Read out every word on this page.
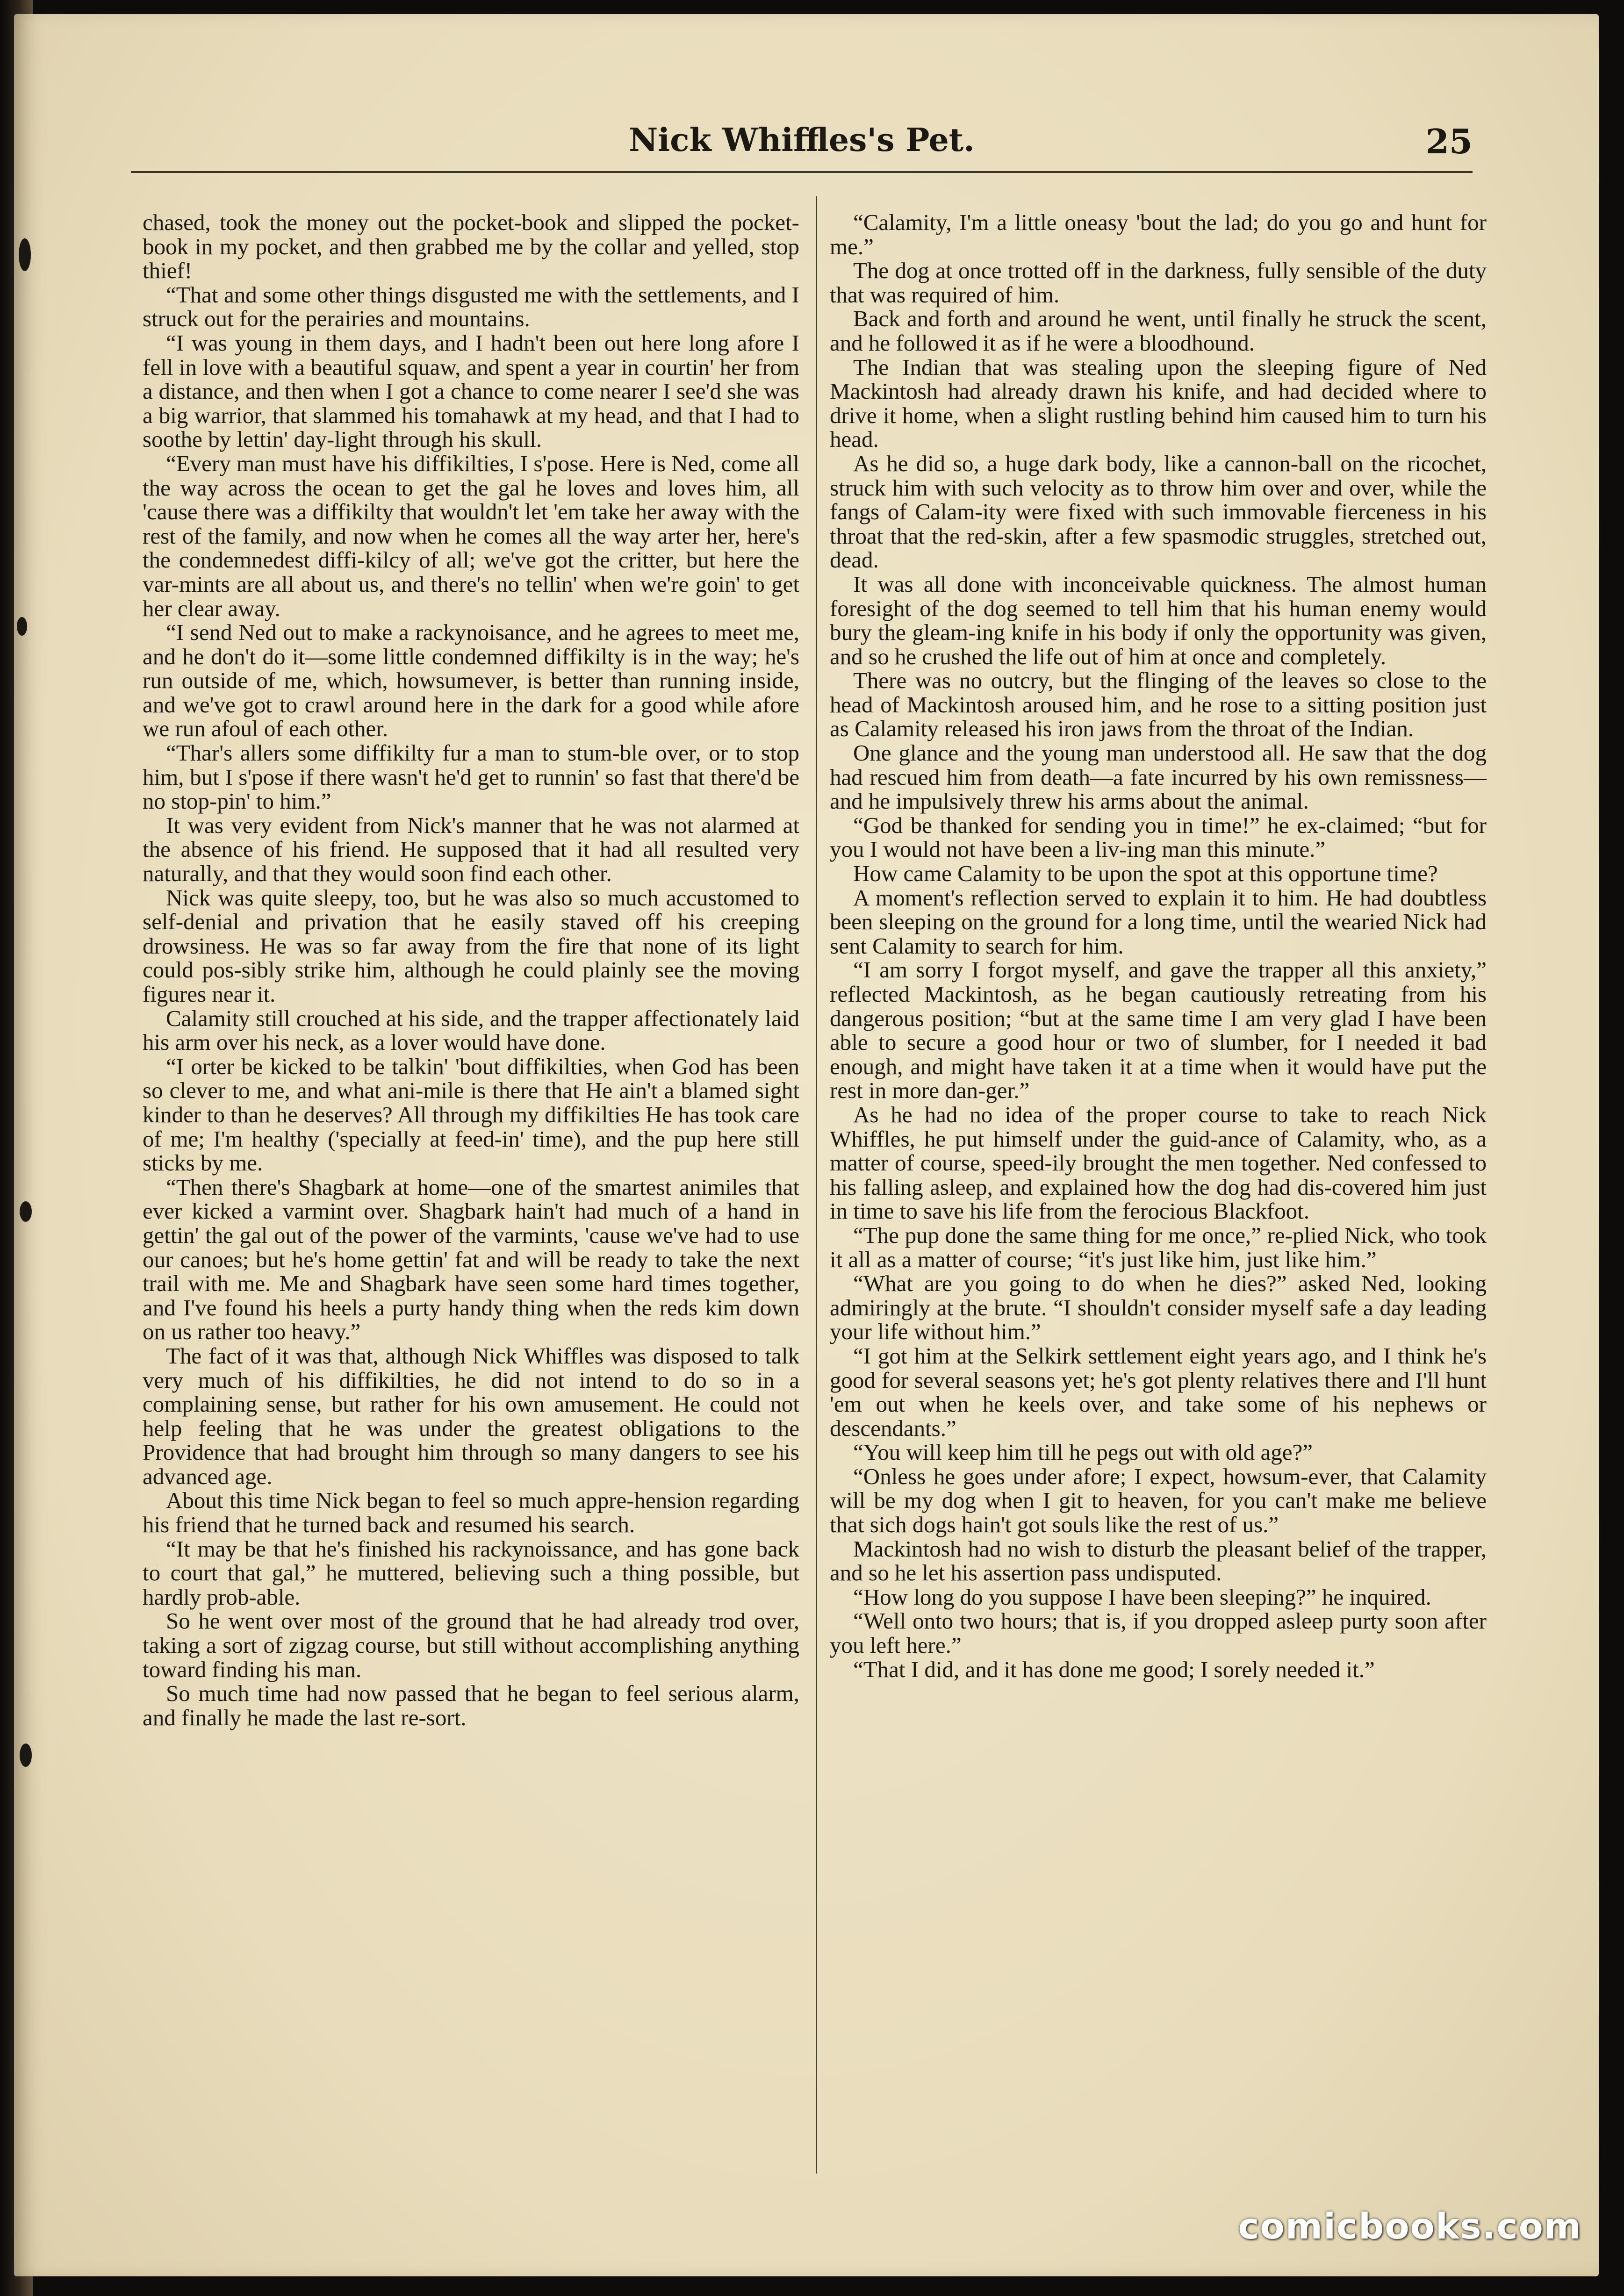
Nick Whiffles's Pet.	25

chased, took the money out the pocket-book and slipped the pocket-book in my pocket, and then grabbed me by the collar and yelled, stop thief!

“That and some other things disgusted me with the settlements, and I struck out for the perairies and mountains.

“I was young in them days, and I hadn't been out here long afore I fell in love with a beautiful squaw, and spent a year in courtin' her from a distance, and then when I got a chance to come nearer I see'd she was a big warrior, that slammed his tomahawk at my head, and that I had to soothe by lettin' day-light through his skull.

“Every man must have his diffikilties, I s'pose. Here is Ned, come all the way across the ocean to get the gal he loves and loves him, all 'cause there was a diffikilty that wouldn't let 'em take her away with the rest of the family, and now when he comes all the way arter her, here's the condemnedest diffi-kilcy of all; we've got the critter, but here the var-mints are all about us, and there's no tellin' when we're goin' to get her clear away.

“I send Ned out to make a rackynoisance, and he agrees to meet me, and he don't do it—some little condemned diffikilty is in the way; he's run outside of me, which, howsumever, is better than running inside, and we've got to crawl around here in the dark for a good while afore we run afoul of each other.

“Thar's allers some diffikilty fur a man to stum-ble over, or to stop him, but I s'pose if there wasn't he'd get to runnin' so fast that there'd be no stop-pin' to him.”

It was very evident from Nick's manner that he was not alarmed at the absence of his friend. He supposed that it had all resulted very naturally, and that they would soon find each other.

Nick was quite sleepy, too, but he was also so much accustomed to self-denial and privation that he easily staved off his creeping drowsiness. He was so far away from the fire that none of its light could pos-sibly strike him, although he could plainly see the moving figures near it.

Calamity still crouched at his side, and the trapper affectionately laid his arm over his neck, as a lover would have done.

“I orter be kicked to be talkin' 'bout diffikilties, when God has been so clever to me, and what ani-mile is there that He ain't a blamed sight kinder to than he deserves? All through my diffikilties He has took care of me; I'm healthy ('specially at feed-in' time), and the pup here still sticks by me.

“Then there's Shagbark at home—one of the smartest animiles that ever kicked a varmint over. Shagbark hain't had much of a hand in gettin' the gal out of the power of the varmints, 'cause we've had to use our canoes; but he's home gettin' fat and will be ready to take the next trail with me. Me and Shagbark have seen some hard times together, and I've found his heels a purty handy thing when the reds kim down on us rather too heavy.”

The fact of it was that, although Nick Whiffles was disposed to talk very much of his diffikilties, he did not intend to do so in a complaining sense, but rather for his own amusement. He could not help feeling that he was under the greatest obligations to the Providence that had brought him through so many dangers to see his advanced age.

About this time Nick began to feel so much appre-hension regarding his friend that he turned back and resumed his search.

“It may be that he's finished his rackynoissance, and has gone back to court that gal,” he muttered, believing such a thing possible, but hardly prob-able.

So he went over most of the ground that he had already trod over, taking a sort of zigzag course, but still without accomplishing anything toward finding his man.

So much time had now passed that he began to feel serious alarm, and finally he made the last re-sort.

“Calamity, I'm a little oneasy 'bout the lad; do you go and hunt for me.”

The dog at once trotted off in the darkness, fully sensible of the duty that was required of him.

Back and forth and around he went, until finally he struck the scent, and he followed it as if he were a bloodhound.

The Indian that was stealing upon the sleeping figure of Ned Mackintosh had already drawn his knife, and had decided where to drive it home, when a slight rustling behind him caused him to turn his head.

As he did so, a huge dark body, like a cannon-ball on the ricochet, struck him with such velocity as to throw him over and over, while the fangs of Calam-ity were fixed with such immovable fierceness in his throat that the red-skin, after a few spasmodic struggles, stretched out, dead.

It was all done with inconceivable quickness. The almost human foresight of the dog seemed to tell him that his human enemy would bury the gleam-ing knife in his body if only the opportunity was given, and so he crushed the life out of him at once and completely.

There was no outcry, but the flinging of the leaves so close to the head of Mackintosh aroused him, and he rose to a sitting position just as Calamity released his iron jaws from the throat of the Indian.

One glance and the young man understood all. He saw that the dog had rescued him from death—a fate incurred by his own remissness—and he impulsively threw his arms about the animal.

“God be thanked for sending you in time!” he ex-claimed; “but for you I would not have been a liv-ing man this minute.”

How came Calamity to be upon the spot at this opportune time?

A moment's reflection served to explain it to him. He had doubtless been sleeping on the ground for a long time, until the wearied Nick had sent Calamity to search for him.

“I am sorry I forgot myself, and gave the trapper all this anxiety,” reflected Mackintosh, as he began cautiously retreating from his dangerous position; “but at the same time I am very glad I have been able to secure a good hour or two of slumber, for I needed it bad enough, and might have taken it at a time when it would have put the rest in more dan-ger.”

As he had no idea of the proper course to take to reach Nick Whiffles, he put himself under the guid-ance of Calamity, who, as a matter of course, speed-ily brought the men together. Ned confessed to his falling asleep, and explained how the dog had dis-covered him just in time to save his life from the ferocious Blackfoot.

“The pup done the same thing for me once,” re-plied Nick, who took it all as a matter of course; “it's just like him, just like him.”

“What are you going to do when he dies?” asked Ned, looking admiringly at the brute. “I shouldn't consider myself safe a day leading your life without him.”

“I got him at the Selkirk settlement eight years ago, and I think he's good for several seasons yet; he's got plenty relatives there and I'll hunt 'em out when he keels over, and take some of his nephews or descendants.”

“You will keep him till he pegs out with old age?”

“Onless he goes under afore; I expect, howsum-ever, that Calamity will be my dog when I git to heaven, for you can't make me believe that sich dogs hain't got souls like the rest of us.”

Mackintosh had no wish to disturb the pleasant belief of the trapper, and so he let his assertion pass undisputed.

“How long do you suppose I have been sleeping?” he inquired.

“Well onto two hours; that is, if you dropped asleep purty soon after you left here.”

“That I did, and it has done me good; I sorely needed it.”

comicbooks.com
